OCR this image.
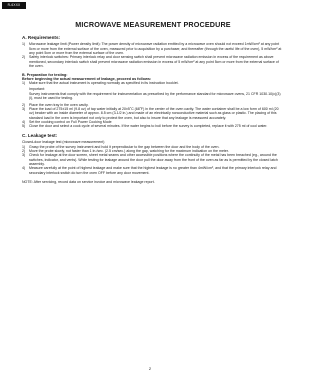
R-6XXX
MICROWAVE MEASUREMENT PROCEDURE

A. Requirements:

1) Microwave leakage limit (Power density limit): The power density of microwave radiation emitted by a microwave oven should not exceed 1mW/cm² at any point 5cm or more from the external surface of the oven, measured prior to acquisition by a purchaser, and thereafter (through the useful life of the oven), 5 mW/cm² at any point 5cm or more from the external surface of the oven.
2) Safety interlock switches: Primary interlock relay and door sensing switch shall prevent microwave radiation emission in excess of the requirement as above mentioned, secondary interlock switch shall prevent microwave radiation emission in excess of 5 mW/cm² at any point 5cm or more from the external surface of the oven.

B. Preparation for testing:

Before beginning the actual measurement of leakage, proceed as follows:

1) Make sure that the actual instrument is operating normally as specified in its instruction booklet.
Important:
Survey instruments that comply with the requirement for instrumentation as prescribed by the performance standard for microwave ovens, 21 CFR 1030.10(c)(3)(i), must be used for testing.
2) Place the oven tray in the oven cavity.
3) Place the load of 275±15 ml (9.8 oz) of tap water initially at 20±5˚C (68˚F) in the center of the oven cavity. The water container shall be a low form of 600 ml (20 oz) beaker with an inside diameter of approx. 8.5 cm (3-1/2 in.) and made of an electrically nonconductive material such as glass or plastic. The placing of this standard load in the oven is important not only to protect the oven, but also to insure that any leakage is measured accurately.
4) Set the cooking control on Full Power Cooking Mode
5) Close the door and select a cook cycle of several minutes. If the water begins to boil before the survey is completed, replace it with 275 ml of cool water.

C. Leakage test:

Closed-door leakage test (microwave measurement)

1) Grasp the probe of the survey instrument and hold it perpendicular to the gap between the door and the body of the oven.
2) Move the probe slowly, not faster than 1 in./sec. (2.5 cm/sec.) along the gap, watching for the maximum indication on the meter.
3) Check for leakage at the door screen, sheet metal seams and other accessible positions where the continuity of the metal has been breached (eg., around the switches, indicator, and vents). While testing for leakage around the door pull the door away from the front of the oven as far as is permitted by the closed latch assembly.
4) Measure carefully at the point of highest leakage and make sure that the highest leakage is no greater than 4mW/cm², and that the primary interlock relay and secondary interlock switch do turn the oven OFF before any door movement.

NOTE: After servicing, record data on service invoice and microwave leakage report.

2
